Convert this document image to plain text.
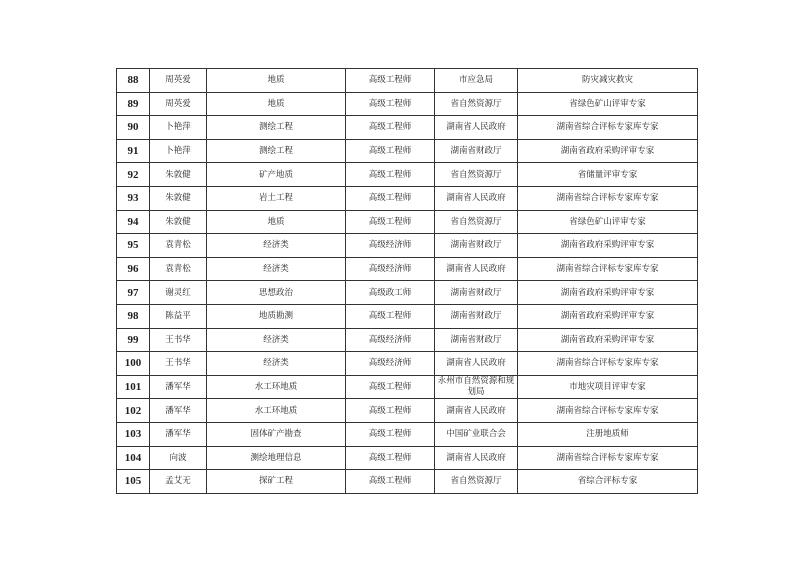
88	周英爱	地质	高级工程师	市应急局	防灾减灾救灾
89	周英爱	地质	高级工程师	省自然资源厅	省绿色矿山评审专家
90	卜艳萍	测绘工程	高级工程师	湖南省人民政府	湖南省综合评标专家库专家
91	卜艳萍	测绘工程	高级工程师	湖南省财政厅	湖南省政府采购评审专家
92	朱敦健	矿产地质	高级工程师	省自然资源厅	省储量评审专家
93	朱敦健	岩土工程	高级工程师	湖南省人民政府	湖南省综合评标专家库专家
94	朱敦健	地质	高级工程师	省自然资源厅	省绿色矿山评审专家
95	袁青松	经济类	高级经济师	湖南省财政厅	湖南省政府采购评审专家
96	袁青松	经济类	高级经济师	湖南省人民政府	湖南省综合评标专家库专家
97	谢灵红	思想政治	高级政工师	湖南省财政厅	湖南省政府采购评审专家
98	陈益平	地质勘测	高级工程师	湖南省财政厅	湖南省政府采购评审专家
99	王书华	经济类	高级经济师	湖南省财政厅	湖南省政府采购评审专家
100	王书华	经济类	高级经济师	湖南省人民政府	湖南省综合评标专家库专家
101	潘军华	水工环地质	高级工程师	永州市自然资源和规划局	市地灾项目评审专家
102	潘军华	水工环地质	高级工程师	湖南省人民政府	湖南省综合评标专家库专家
103	潘军华	固体矿产勘查	高级工程师	中国矿业联合会	注册地质师
104	向波	测绘地理信息	高级工程师	湖南省人民政府	湖南省综合评标专家库专家
105	孟艾无	探矿工程	高级工程师	省自然资源厅	省综合评标专家
